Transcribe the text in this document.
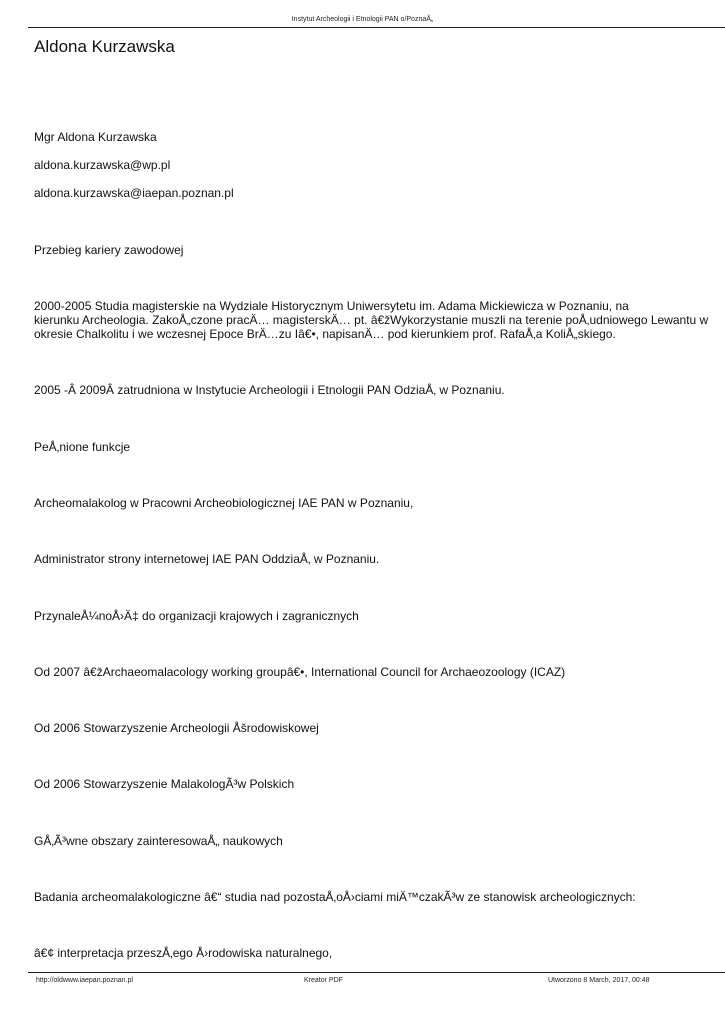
Instytut Archeologii i Etnologii PAN o/PoznaÅ„
Aldona Kurzawska
Mgr Aldona Kurzawska
aldona.kurzawska@wp.pl
aldona.kurzawska@iaepan.poznan.pl
Przebieg kariery zawodowej
2000-2005 Studia magisterskie na Wydziale Historycznym Uniwersytetu im. Adama Mickiewicza w Poznaniu, na
kierunku Archeologia. ZakoÅ„czone pracÄ… magisterskÄ… pt. â€žWykorzystanie muszli na terenie poÅ‚udniowego Lewantu w
okresie Chalkolitu i we wczesnej Epoce BrÄ…zu Iâ€•, napisanÄ… pod kierunkiem prof. RafaÅ‚a KoliÅ„skiego.
2005 -Â 2009Â zatrudniona w Instytucie Archeologii i Etnologii PAN OdziaÅ‚ w Poznaniu.
PeÅ‚nione funkcje
Archeomalakolog w Pracowni Archeobiologicznej IAE PAN w Poznaniu,
Administrator strony internetowej IAE PAN OddziaÅ‚ w Poznaniu.
PrzynaleÅ¼noÅ›Ä‡ do organizacji krajowych i zagranicznych
Od 2007 â€žArchaeomalacology working groupâ€•, International Council for Archaeozoology (ICAZ)
Od 2006 Stowarzyszenie Archeologii Åšrodowiskowej
Od 2006 Stowarzyszenie MalakologÃ³w Polskich
GÅ‚Ã³wne obszary zainteresowaÅ„ naukowych
Badania archeomalakologiczne â€“ studia nad pozostaÅ‚oÅ›ciami miÄ™czakÃ³w ze stanowisk archeologicznych:
â€¢ interpretacja przeszÅ‚ego Å›rodowiska naturalnego,
http://oldwww.iaepan.poznan.pl	Kreator PDF	Utworzono 8 March, 2017, 00:48
